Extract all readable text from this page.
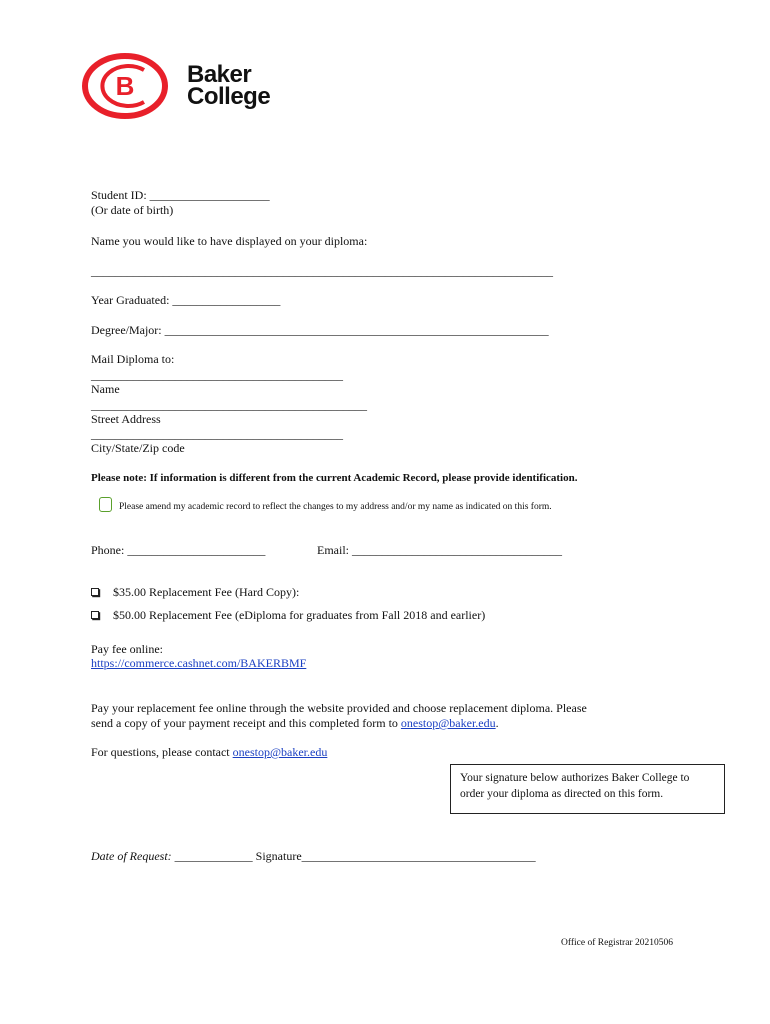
B Baker
College
Student ID: ____________________
(Or date of birth)
Name you would like to have displayed on your diploma:
_____________________________________________________________________________
Year Graduated: __________________
Degree/Major: ________________________________________________________________
Mail Diploma to:
__________________________________________
Name
______________________________________________
Street Address
__________________________________________
City/State/Zip code
Please note: If information is different from the current Academic Record, please provide identification.
Please amend my academic record to reflect the changes to my address and/or my name as indicated on this form.
Phone: _______________________	Email: ___________________________________
$35.00 Replacement Fee (Hard Copy):
$50.00 Replacement Fee (eDiploma for graduates from Fall 2018 and earlier)
Pay fee online:
https://commerce.cashnet.com/BAKERBMF
Pay your replacement fee online through the website provided and choose replacement diploma. Please
send a copy of your payment receipt and this completed form to onestop@baker.edu.
For questions, please contact onestop@baker.edu
Your signature below authorizes Baker College to
order your diploma as directed on this form.
Date of Request: _____________ Signature_______________________________________
Office of Registrar 20210506
